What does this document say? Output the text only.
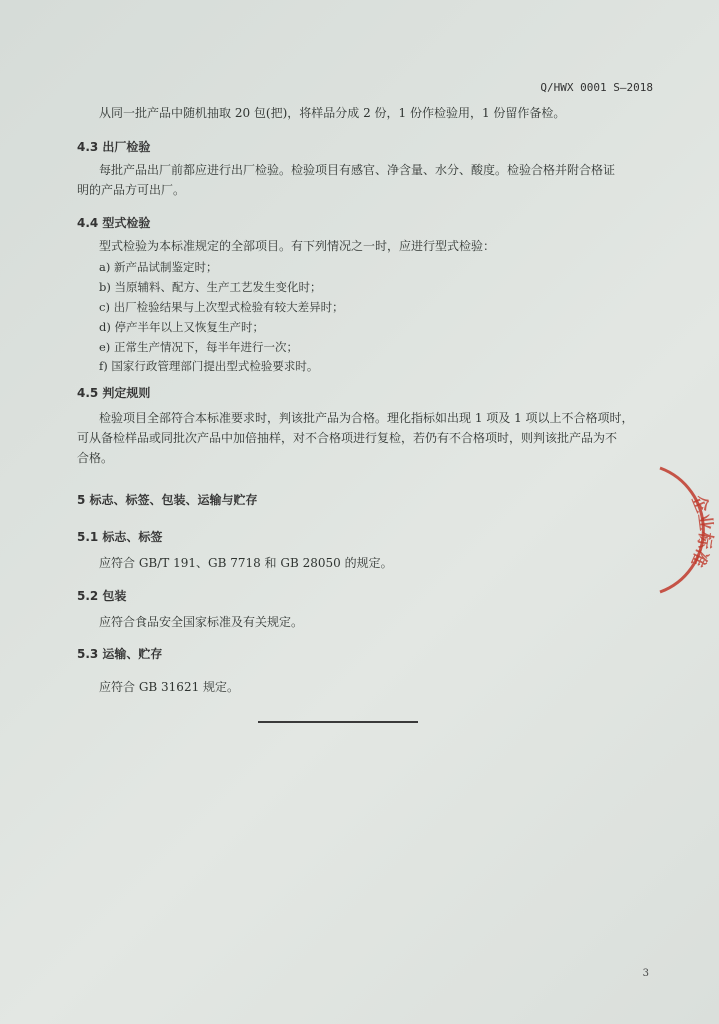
Q/HWX 0001 S—2018
从同一批产品中随机抽取 20 包(把)，将样品分成 2 份，1 份作检验用，1 份留作备检。
4.3 出厂检验
每批产品出厂前都应进行出厂检验。检验项目有感官、净含量、水分、酸度。检验合格并附合格证
明的产品方可出厂。
4.4 型式检验
型式检验为本标准规定的全部项目。有下列情况之一时，应进行型式检验：
a) 新产品试制鉴定时；
b) 当原辅料、配方、生产工艺发生变化时；
c) 出厂检验结果与上次型式检验有较大差异时；
d) 停产半年以上又恢复生产时；
e) 正常生产情况下，每半年进行一次；
f) 国家行政管理部门提出型式检验要求时。
4.5 判定规则
检验项目全部符合本标准要求时，判该批产品为合格。理化指标如出现 1 项及 1 项以上不合格项时，
可从备检样品或同批次产品中加倍抽样，对不合格项进行复检，若仍有不合格项时，则判该批产品为不
合格。
5 标志、标签、包装、运输与贮存
5.1 标志、标签
应符合 GB/T 191、GB 7718 和 GB 28050 的规定。
5.2 包装
应符合食品安全国家标准及有关规定。
5.3 运输、贮存
应符合 GB 31621 规定。
企业标准
3
